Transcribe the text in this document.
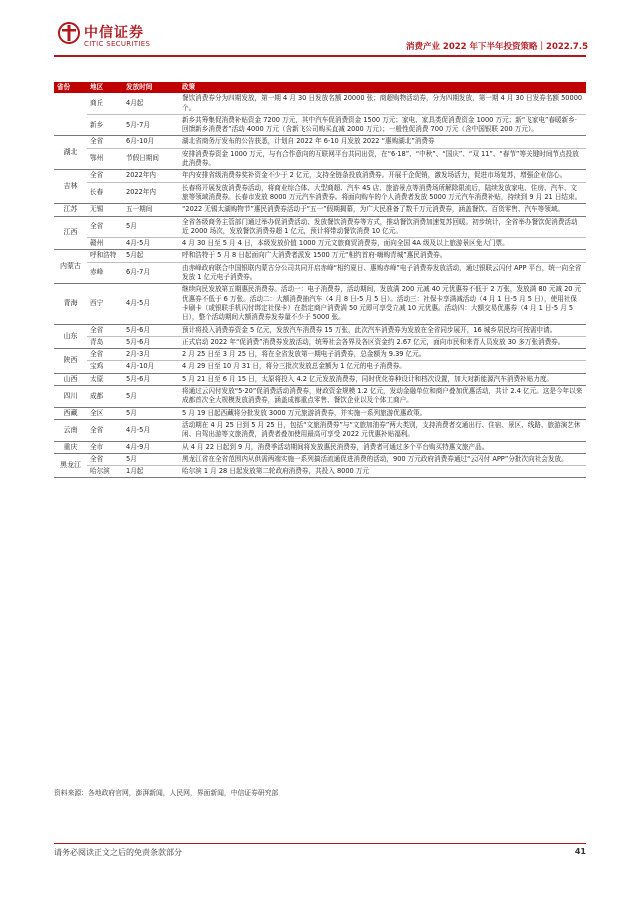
中信证券
CITIC SECURITIES	消费产业 2022 年下半年投资策略｜2022.7.5
省份	地区	发放时间	政策
	商丘	4月起	餐饮消费券分为四期发放，第一期 4 月 30 日发放名额 20000 张；商超购物活动券，分为四期发放，第一期 4 月 30 日发券名额 50000 个。
	新乡	5月-7月	新乡共筹集促消费补贴资金 7200 万元，其中汽车促消费资金 1500 万元；家电、家具类促消费资金 1000 万元；新“飞家电”春暖新乡·回馈新乡消费者”活动 4000 万元（含新飞公司购买直减 2000 万元）；一般性促消费 700 万元（含中国银联 200 万元）。
湖北	全省	6月-10月	湖北省商务厅发布的公告获悉，计划自 2022 年 6-10 月发放 2022 “惠购湖北”消费券
	鄂州	节假日期间	安排消费券资金 1000 万元，与有合作意向的互联网平台共同出资，在“6·18”、“中秋”、“国庆”、“双 11”、“春节”等关键时间节点投放此消费券。
吉林	全省	2022年内	年内安排省级消费券奖补资金不少于 2 亿元，支持全链条投放消费券。开展千企促销，激发场活力，促进市场复苏，增强企业信心。
	长春	2022年内	长春将开展发放消费券活动，将商业综合体、大型商超、汽车 4S 店、旅游景点等消费场所解除限流后，陆续发放家电、住房、汽车、文旅等领域消费券。长春市发放 8000 万元汽车消费券。将面向购车的个人消费者发放 5000 万元汽车消费补贴，持续到 9 月 21 日结束。
江苏	无锡	五一期间	“2022 无锡太湖购物节”惠民消费券活动于“五一”假期揭幕，为广大民准备了数千万元消费券，涵盖餐饮、百货零售、汽车等领域。
江西	全省	5月	全省各级商务主管部门通过举办促消费活动、发放餐饮消费券等方式，推动餐饮消费加速复苏回暖。初步统计，全省举办餐饮促消费活动近 2000 场次，发放餐饮消费券超 1 亿元，预计将带动餐饮消费 10 亿元。
	赣州	4月-5月	4 月 30 日至 5 月 4 日，本级发放价值 1000 万元文旅商贸消费券，面向全国 4A 级及以上旅游景区免大门票。
内蒙古	呼和浩特	5月起	呼和浩特于 5 月 8 日起面向广大消费者派发 1500 万元“相约首府·嗨购青城”惠民消费券。
	赤峰	6月-7月	由赤峰政府联合中国银联内蒙古分公司共同开启赤峰“相约夏日、惠购赤峰”电子消费券发放活动，通过银联云闪付 APP 平台，统一向全省发放 1 亿元电子消费券。
青海	西宁	4月-5月	继续向民发放第五期惠民消费券。活动一：电子消费券，活动期间，发放满 200 元减 40 元优惠券不低于 2 万张，发放满 80 元减 20 元优惠券不低于 6 万张。活动二：大额消费抽汽车（4 月 8 日-5 月 5 日）。活动三：社保卡享满减活动（4 月 1 日-5 月 5 日），使用社保卡刷卡（或银联手机闪付绑定社保卡）在指定商户消费满 50 元即可享受立减 10 元优惠。活动四：大额交易优惠券（4 月 1 日-5 月 5 日），整个活动期间大额消费券发券量不少于 5000 张。
山东	全省	5月-6月	预计将投入消费券资金 5 亿元，发放汽车消费券 15 万张，此次汽车消费券为发放在全省同步展开，16 城乡居民均可按需申请。
	青岛	5月-6月	正式启动 2022 年“促消费”消费券发放活动，统筹社会各界及各区资金约 2.67 亿元，面向市民和来青人员发放 30 多万张消费券。
陕西	全省	2月-3月	2 月 25 日至 3 月 25 日，将在全省发放第一期电子消费券，总金额为 9.39 亿元。
	宝鸡	4月-10月	4 月 29 日至 10 月 31 日，将分三批次发放总金额为 1 亿元的电子消费券。
山西	太原	5月-6月	5 月 21 日至 6 月 15 日，太原将投入 4.2 亿元发放消费券，同时优化券种设计和档次设置，加大对新能源汽车消费补贴力度。
四川	成都	5月	将通过云闪付发放“5·20”促消费活动消费券，财政资金规模 1.2 亿元，发动金融单位和商户叠加优惠活动，共计 2.4 亿元。这是今年以来成都首次全大规模发放消费券，涵盖成都重点零售、餐饮企业以及个体工商户。
西藏	全区	5月	5 月 19 日起西藏将分批发放 3000 万元旅游消费券，并实施一系列旅游优惠政策。
云南	全省	4月-5月	活动期在 4 月 25 日到 5 月 25 日，包括“文旅消费券”与“文旅加油券”两大类别，支持消费者交通出行、住宿、景区、线路、旅游演艺休闲、自驾出游等文旅消费，消费者叠加使用最高可享受 2022 元优惠补贴福利。
重庆	全市	4月-9月	从 4 月 22 日起到 9 月，消费季活动期间将发放惠民消费券，消费者可通过多个平台购买特惠文旅产品。
黑龙江	全省	5月	黑龙江省在全省范围内从供需两端实施一系列搞活流通促进消费的活动，900 万元政府消费券通过“云闪付 APP”分批次向社会发放。
	哈尔滨	1月起	哈尔滨 1 月 28 日起发放第二轮政府消费券，共投入 8000 万元
资料来源：各地政府官网，澎湃新闻，人民网，界面新闻，中信证券研究部
请务必阅读正文之后的免责条款部分	41
